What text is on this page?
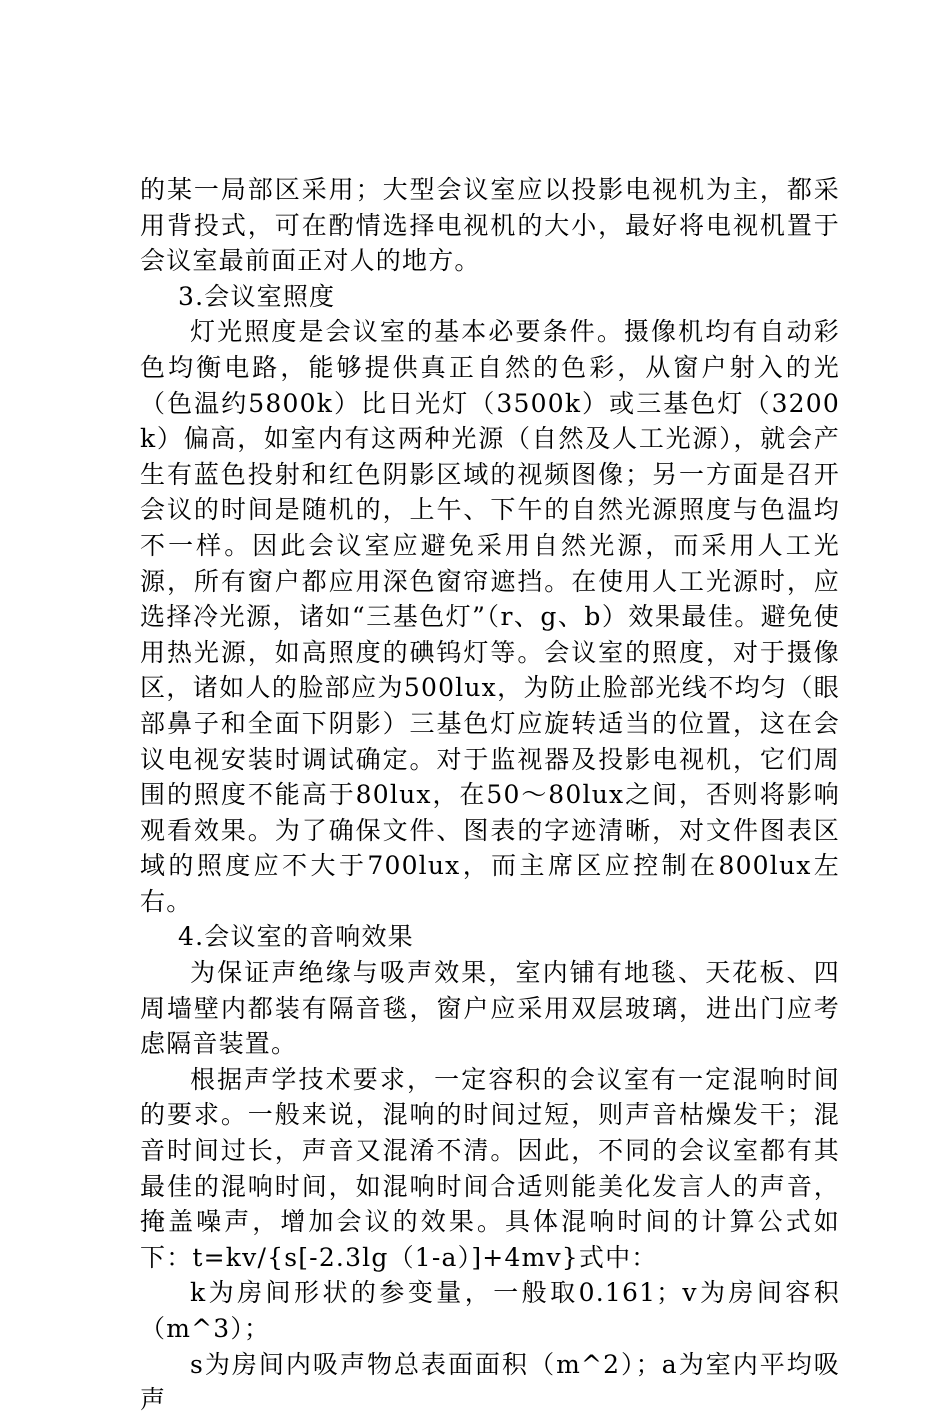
的某一局部区采用；大型会议室应以投影电视机为主，都采用背投式，可在酌情选择电视机的大小，最好将电视机置于会议室最前面正对人的地方。

3.会议室照度

灯光照度是会议室的基本必要条件。摄像机均有自动彩色均衡电路，能够提供真正自然的色彩，从窗户射入的光（色温约5800k）比日光灯（3500k）或三基色灯（3200k）偏高，如室内有这两种光源（自然及人工光源），就会产生有蓝色投射和红色阴影区域的视频图像；另一方面是召开会议的时间是随机的，上午、下午的自然光源照度与色温均不一样。因此会议室应避免采用自然光源，而采用人工光源，所有窗户都应用深色窗帘遮挡。在使用人工光源时，应选择冷光源，诸如“三基色灯”（r、g、b）效果最佳。避免使用热光源，如高照度的碘钨灯等。会议室的照度，对于摄像区，诸如人的脸部应为500lux，为防止脸部光线不均匀（眼部鼻子和全面下阴影）三基色灯应旋转适当的位置，这在会议电视安装时调试确定。对于监视器及投影电视机，它们周围的照度不能高于80lux，在50～80lux之间，否则将影响观看效果。为了确保文件、图表的字迹清晰，对文件图表区域的照度应不大于700lux，而主席区应控制在800lux左右。

4.会议室的音响效果

为保证声绝缘与吸声效果，室内铺有地毯、天花板、四周墙壁内都装有隔音毯，窗户应采用双层玻璃，进出门应考虑隔音装置。

根据声学技术要求，一定容积的会议室有一定混响时间的要求。一般来说，混响的时间过短，则声音枯燥发干；混音时间过长，声音又混淆不清。因此，不同的会议室都有其最佳的混响时间，如混响时间合适则能美化发言人的声音，掩盖噪声，增加会议的效果。具体混响时间的计算公式如下：t=kv/{s[-2.3lg（1-a）]+4mv}式中：

k为房间形状的参变量，一般取0.161；v为房间容积（m^3）；

s为房间内吸声物总表面面积（m^2）；a为室内平均吸声
